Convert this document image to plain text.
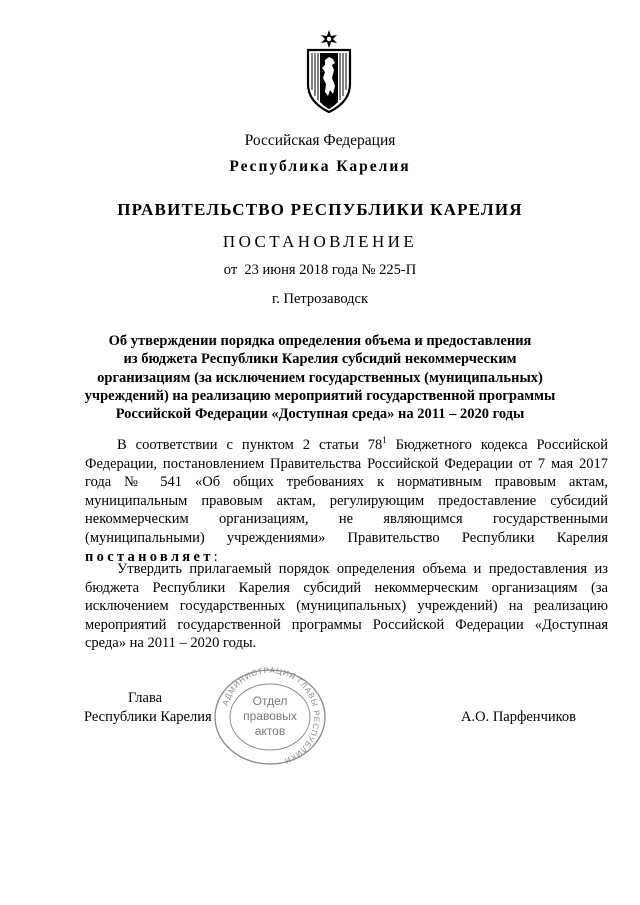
Российская Федерация
Республика Карелия
ПРАВИТЕЛЬСТВО РЕСПУБЛИКИ КАРЕЛИЯ
ПОСТАНОВЛЕНИЕ
от  23 июня 2018 года № 225-П
г. Петрозаводск
Об утверждении порядка определения объема и предоставления
из бюджета Республики Карелия субсидий некоммерческим
организациям (за исключением государственных (муниципальных)
учреждений) на реализацию мероприятий государственной программы
Российской Федерации «Доступная среда» на 2011 – 2020 годы
В соответствии с пунктом 2 статьи $78^1$ Бюджетного кодекса Российской Федерации, постановлением Правительства Российской Федерации от 7 мая 2017 года № 541 «Об общих требованиях к нормативным правовым актам, муниципальным правовым актам, регулирующим предоставление субсидий некоммерческим организациям, не являющимся государственными (муниципальными) учреждениями» Правительство Республики Карелия постановляет:
Утвердить прилагаемый порядок определения объема и предоставления из бюджета Республики Карелия субсидий некоммерческим организациям (за исключением государственных (муниципальных) учреждений) на реализацию мероприятий государственной программы Российской Федерации «Доступная среда» на 2011 – 2020 годы.
Глава
Республики Карелия	А.О. Парфенчиков
АДМИНИСТРАЦИЯ ГЛАВЫ РЕСПУБЛИКИ
Отдел
правовых
актов
